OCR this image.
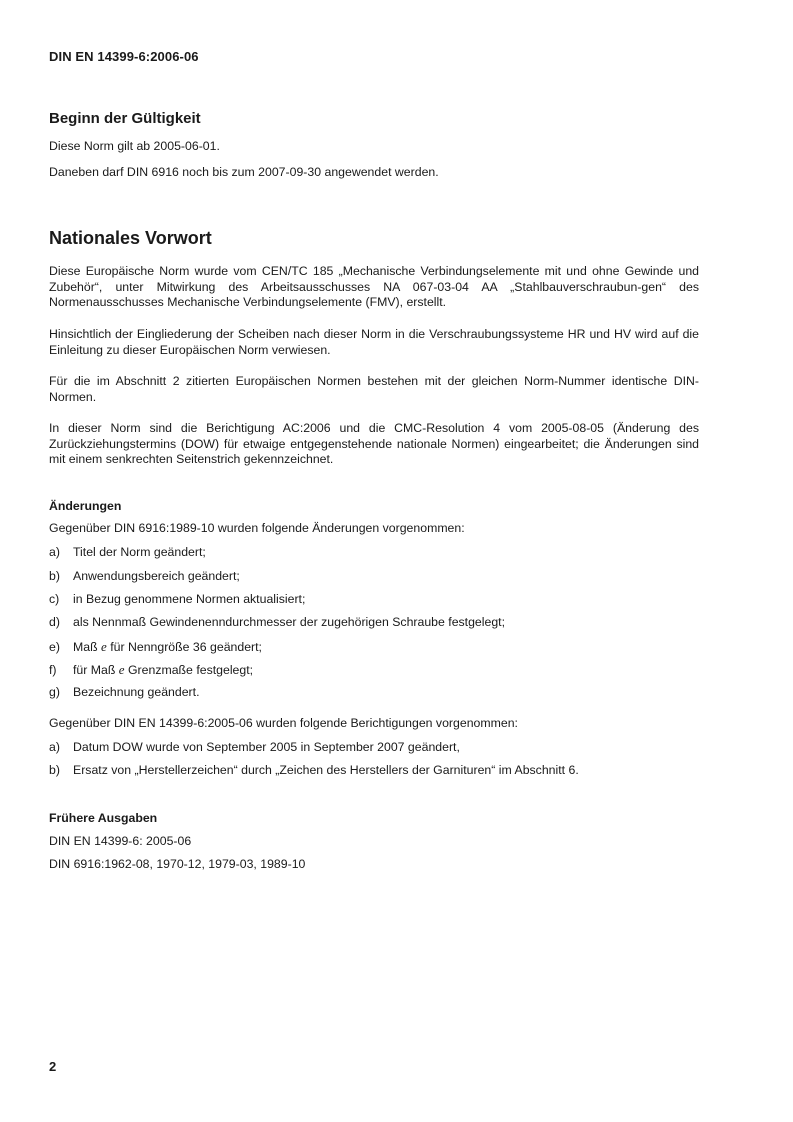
DIN EN 14399-6:2006-06
Beginn der Gültigkeit

Diese Norm gilt ab 2005-06-01.

Daneben darf DIN 6916 noch bis zum 2007-09-30 angewendet werden.

Nationales Vorwort

Diese Europäische Norm wurde vom CEN/TC 185 „Mechanische Verbindungselemente mit und ohne Gewinde und Zubehör“, unter Mitwirkung des Arbeitsausschusses NA 067-03-04 AA „Stahlbauverschraubun-gen“ des Normenausschusses Mechanische Verbindungselemente (FMV), erstellt.

Hinsichtlich der Eingliederung der Scheiben nach dieser Norm in die Verschraubungssysteme HR und HV wird auf die Einleitung zu dieser Europäischen Norm verwiesen.

Für die im Abschnitt 2 zitierten Europäischen Normen bestehen mit der gleichen Norm-Nummer identische DIN-Normen.

In dieser Norm sind die Berichtigung AC:2006 und die CMC-Resolution 4 vom 2005-08-05 (Änderung des Zurückziehungstermins (DOW) für etwaige entgegenstehende nationale Normen) eingearbeitet; die Änderungen sind mit einem senkrechten Seitenstrich gekennzeichnet.

Änderungen

Gegenüber DIN 6916:1989-10 wurden folgende Änderungen vorgenommen:

a) Titel der Norm geändert;
b) Anwendungsbereich geändert;
c) in Bezug genommene Normen aktualisiert;
d) als Nennmaß Gewindenenndurchmesser der zugehörigen Schraube festgelegt;
e) Maß e für Nenngröße 36 geändert;
f) für Maß e Grenzmaße festgelegt;
g) Bezeichnung geändert.

Gegenüber DIN EN 14399-6:2005-06 wurden folgende Berichtigungen vorgenommen:

a) Datum DOW wurde von September 2005 in September 2007 geändert,
b) Ersatz von „Herstellerzeichen“ durch „Zeichen des Herstellers der Garnituren“ im Abschnitt 6.
Frühere Ausgaben

DIN EN 14399-6: 2005-06

DIN 6916:1962-08, 1970-12, 1979-03, 1989-10

2
